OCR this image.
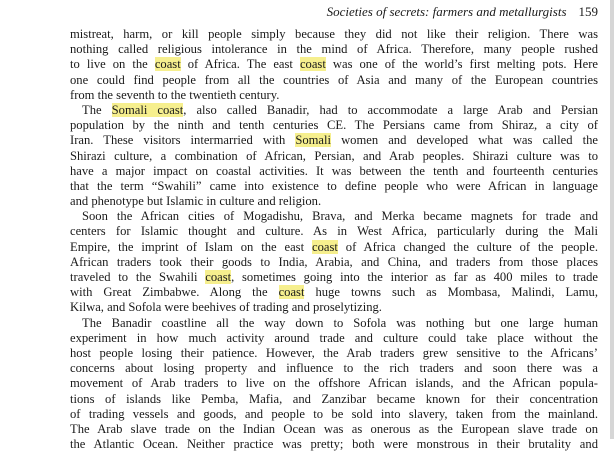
Societies of secrets: farmers and metallurgists 159
mistreat, harm, or kill people simply because they did not like their religion. There was
nothing called religious intolerance in the mind of Africa. Therefore, many people rushed
to live on the coast of Africa. The east coast was one of the world’s first melting pots. Here
one could find people from all the countries of Asia and many of the European countries
from the seventh to the twentieth century.
The Somali coast, also called Banadir, had to accommodate a large Arab and Persian
population by the ninth and tenth centuries CE. The Persians came from Shiraz, a city of
Iran. These visitors intermarried with Somali women and developed what was called the
Shirazi culture, a combination of African, Persian, and Arab peoples. Shirazi culture was to
have a major impact on coastal activities. It was between the tenth and fourteenth centuries
that the term “Swahili” came into existence to define people who were African in language
and phenotype but Islamic in culture and religion.
Soon the African cities of Mogadishu, Brava, and Merka became magnets for trade and
centers for Islamic thought and culture. As in West Africa, particularly during the Mali
Empire, the imprint of Islam on the east coast of Africa changed the culture of the people.
African traders took their goods to India, Arabia, and China, and traders from those places
traveled to the Swahili coast, sometimes going into the interior as far as 400 miles to trade
with Great Zimbabwe. Along the coast huge towns such as Mombasa, Malindi, Lamu,
Kilwa, and Sofola were beehives of trading and proselytizing.
The Banadir coastline all the way down to Sofola was nothing but one large human
experiment in how much activity around trade and culture could take place without the
host people losing their patience. However, the Arab traders grew sensitive to the Africans’
concerns about losing property and influence to the rich traders and soon there was a
movement of Arab traders to live on the offshore African islands, and the African popula-
tions of islands like Pemba, Mafia, and Zanzibar became known for their concentration
of trading vessels and goods, and people to be sold into slavery, taken from the mainland.
The Arab slave trade on the Indian Ocean was as onerous as the European slave trade on
the Atlantic Ocean. Neither practice was pretty; both were monstrous in their brutality and
